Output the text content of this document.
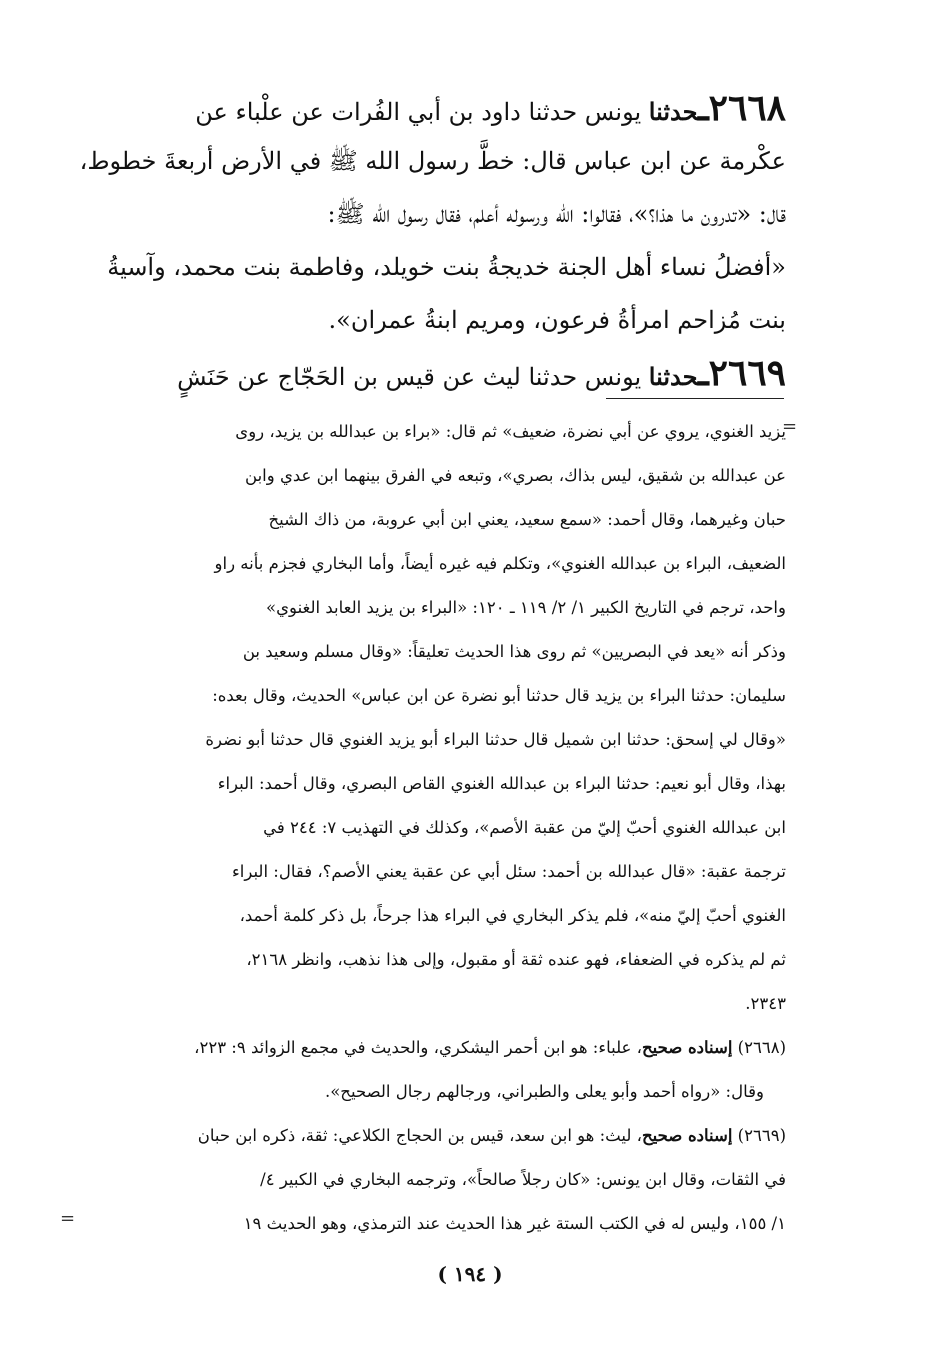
٢٦٦٨ـحدثنا يونس حدثنا داود بن أبي الفُرات عن علْباء عن
عكْرمة عن ابن عباس قال: خطَّ رسول الله ﷺ في الأرض أربعةَ خطوط،
قال: «تدرون ما هذا؟»، فقالوا: الله ورسوله أعلم، فقال رسول الله ﷺ:
«أفضلُ نساء أهل الجنة خديجةُ بنت خويلد، وفاطمة بنت محمد، وآسيةُ
بنت مُزاحم امرأةُ فرعون، ومريم ابنةُ عمران».
٢٦٦٩ـحدثنا يونس حدثنا ليث عن قيس بن الحَجّاج عن حَنَشٍ
=
يزيد الغنوي، يروي عن أبي نضرة، ضعيف» ثم قال: «براء بن عبدالله بن يزيد، روى
عن عبدالله بن شقيق، ليس بذاك، بصري»، وتبعه في الفرق بينهما ابن عدي وابن
حبان وغيرهما، وقال أحمد: «سمع سعيد، يعني ابن أبي عروبة، من ذاك الشيخ
الضعيف، البراء بن عبدالله الغنوي»، وتكلم فيه غيره أيضاً، وأما البخاري فجزم بأنه راو
واحد، ترجم في التاريخ الكبير ١/ ٢/ ١١٩ ـ ١٢٠: «البراء بن يزيد العابد الغنوي»
وذكر أنه «يعد في البصريين» ثم روى هذا الحديث تعليقاً: «وقال مسلم وسعيد بن
سليمان: حدثنا البراء بن يزيد قال حدثنا أبو نضرة عن ابن عباس» الحديث، وقال بعده:
«وقال لي إسحق: حدثنا ابن شميل قال حدثنا البراء أبو يزيد الغنوي قال حدثنا أبو نضرة
بهذا، وقال أبو نعيم: حدثنا البراء بن عبدالله الغنوي القاص البصري، وقال أحمد: البراء
ابن عبدالله الغنوي أحبّ إليّ من عقبة الأصم»، وكذلك في التهذيب ٧: ٢٤٤ في
ترجمة عقبة: «قال عبدالله بن أحمد: سئل أبي عن عقبة يعني الأصم؟، فقال: البراء
الغنوي أحبّ إليّ منه»، فلم يذكر البخاري في البراء هذا جرحاً، بل ذكر كلمة أحمد،
ثم لم يذكره في الضعفاء، فهو عنده ثقة أو مقبول، وإلى هذا نذهب، وانظر ٢١٦٨،
٢٣٤٣.
(٢٦٦٨) إسناده صحيح، علباء: هو ابن أحمر اليشكري، والحديث في مجمع الزوائد ٩: ٢٢٣،
وقال: «رواه أحمد وأبو يعلى والطبراني، ورجالهم رجال الصحيح».
(٢٦٦٩) إسناده صحيح، ليث: هو ابن سعد، قيس بن الحجاج الكلاعي: ثقة، ذكره ابن حبان
في الثقات، وقال ابن يونس: «كان رجلاً صالحاً»، وترجمه البخاري في الكبير ٤/
١/ ١٥٥، وليس له في الكتب الستة غير هذا الحديث عند الترمذي، وهو الحديث ١٩
=
( ١٩٤ )
